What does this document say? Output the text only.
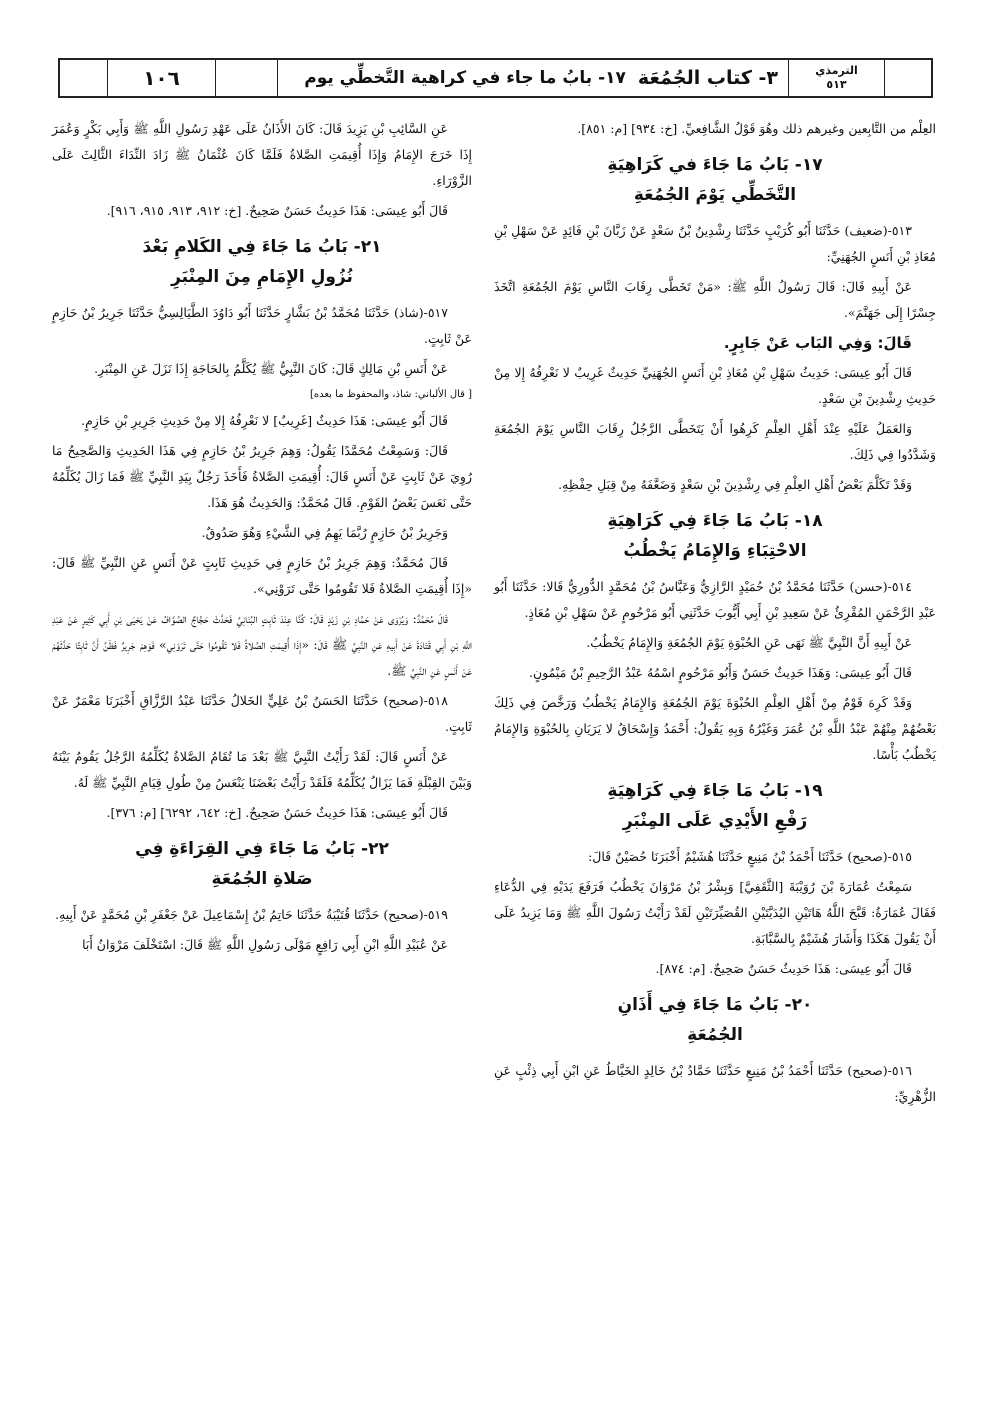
١٠٦	٣- كتاب الجُمُعَة
١٧- بابُ ما جاء في كراهية التَّخطِّي يوم	الترمذي
٥١٣

العِلْم من التَّابِعين وغيرهم ذلك وهُوَ قَوْلُ الشَّافِعيِّ. [خ: ٩٣٤] [م: ٨٥١].

١٧- بَابُ مَا جَاءَ في كَرَاهِيَةِ
التَّخَطِّي يَوْمَ الجُمُعَةِ

٥١٣-(ضعيف) حَدَّثَنَا أَبُو كُرَيْبٍ حَدَّثَنَا رِشْدِينُ بْنُ سَعْدٍ عَنْ زَبَّانَ بْنِ فَائِدٍ عَنْ سَهْلِ بْنِ مُعَاذِ بْنِ أَنَسٍ الجُهَنِيِّ:

عَنْ أَبِيهِ قَالَ: قَالَ رَسُولُ اللَّهِ ﷺ: «مَنْ تَخَطَّى رِقَابَ النَّاسِ يَوْمَ الجُمُعَةِ اتَّخَذَ جِسْرًا إِلَى جَهَنَّمَ».

قَالَ: وَفِي البَاب عَنْ جَابِرٍ.

قَالَ أَبُو عِيسَى: حَدِيثُ سَهْلِ بْنِ مُعَاذِ بْنِ أَنَسٍ الجُهَنِيِّ حَدِيثٌ غَرِيبٌ لا نَعْرِفُهُ إِلا مِنْ حَدِيثِ رِشْدِينَ بْنِ سَعْدٍ.

وَالعَمَلُ عَلَيْهِ عِنْدَ أَهْلِ العِلْمِ كَرِهُوا أَنْ يَتَخَطَّى الرَّجُلُ رِقَابَ النَّاسِ يَوْمَ الجُمُعَةِ وَشَدَّدُوا فِي ذَلِكَ.

وَقَدْ تَكَلَّمَ بَعْضُ أَهْلِ العِلْمِ فِي رِشْدِينَ بْنِ سَعْدٍ وَضَعَّفَهُ مِنْ قِبَلِ حِفْظِهِ.

١٨- بَابُ مَا جَاءَ فِي كَرَاهِيَةِ
الاحْتِبَاءِ وَالإِمَامُ يَخْطُبُ

٥١٤-(حسن) حَدَّثَنَا مُحَمَّدُ بْنُ حُمَيْدٍ الرَّازِيُّ وَعَبَّاسُ بْنُ مُحَمَّدٍ الدُّورِيُّ قَالا: حَدَّثَنَا أَبُو عَبْدِ الرَّحْمَنِ المُقْرِئُ عَنْ سَعِيدِ بْنِ أَبِي أَيُّوبَ حَدَّثَنِي أَبُو مَرْحُومٍ عَنْ سَهْلِ بْنِ مُعَاذٍ.

عَنْ أَبِيهِ أَنَّ النَّبِيَّ ﷺ نَهَى عَنِ الحُبْوَةِ يَوْمَ الجُمُعَةِ وَالإِمَامُ يَخْطُبُ.

قَالَ أَبُو عِيسَى: وَهَذَا حَدِيثٌ حَسَنٌ وَأَبُو مَرْحُومٍ اسْمُهُ عَبْدُ الرَّحِيمِ بْنُ مَيْمُونٍ.

وَقَدْ كَرِهَ قَوْمٌ مِنْ أَهْلِ العِلْمِ الحُبْوَةَ يَوْمَ الجُمُعَةِ وَالإِمَامُ يَخْطُبُ وَرَخَّصَ فِي ذَلِكَ بَعْضُهُمْ مِنْهُمْ عَبْدُ اللَّهِ بْنُ عُمَرَ وَغَيْرُهُ وَبِهِ يَقُولُ: أَحْمَدُ وَإِسْحَاقُ لا يَرَيَانِ بِالحُبْوَةِ وَالإِمَامُ يَخْطُبُ بَأْسًا.

١٩- بَابُ مَا جَاءَ فِي كَرَاهِيَةِ
رَفْعِ الأَيْدِي عَلَى المِنْبَرِ

٥١٥-(صحيح) حَدَّثَنَا أَحْمَدُ بْنُ مَنِيعٍ حَدَّثَنَا هُشَيْمٌ أَخْبَرَنَا حُصَيْنٌ قَالَ:

سَمِعْتُ عُمَارَةَ بْنَ رُوَيْبَةَ [الثَّقَفِيَّ] وَبِشْرُ بْنُ مَرْوَانَ يَخْطُبُ فَرَفَعَ يَدَيْهِ فِي الدُّعَاءِ فَقَالَ عُمَارَةُ: قَبَّحَ اللَّهُ هَاتَيْنِ اليُدَيَّتَيْنِ القُصَيِّرَتَيْنِ لَقَدْ رَأَيْتُ رَسُولَ اللَّهِ ﷺ وَمَا يَزِيدُ عَلَى أَنْ يَقُولَ هَكَذَا وَأَشَارَ هُشَيْمٌ بِالسَّبَّابَةِ.

قَالَ أَبُو عِيسَى: هَذَا حَدِيثٌ حَسَنٌ صَحِيحٌ. [م: ٨٧٤].

٢٠- بَابُ مَا جَاءَ فِي أَذَانِ
الجُمُعَةِ

٥١٦-(صحيح) حَدَّثَنَا أَحْمَدُ بْنُ مَنِيعٍ حَدَّثَنَا حَمَّادُ بْنُ خَالِدٍ الخَيَّاطُ عَنِ ابْنِ أَبِي ذِئْبٍ عَنِ الزُّهْرِيِّ:

عَنِ السَّائِبِ بْنِ يَزِيدَ قَالَ: كَانَ الأَذَانُ عَلَى عَهْدِ رَسُولِ اللَّهِ ﷺ وَأَبِي بَكْرٍ وَعُمَرَ إِذَا خَرَجَ الإِمَامُ وَإِذَا أُقِيمَتِ الصَّلاةُ فَلَمَّا كَانَ عُثْمَانُ ﷺ زَادَ النِّدَاءَ الثَّالِثَ عَلَى الزَّوْرَاءِ.

قَالَ أَبُو عِيسَى: هَذَا حَدِيثٌ حَسَنٌ صَحِيحٌ. [خ: ٩١٢، ٩١٣، ٩١٥، ٩١٦].

٢١- بَابُ مَا جَاءَ فِي الكَلامِ بَعْدَ
نُزُولِ الإِمَامِ مِنَ المِنْبَرِ

٥١٧-(شاذ) حَدَّثَنَا مُحَمَّدُ بْنُ بَشَّارٍ حَدَّثَنَا أَبُو دَاوُدَ الطَّيَالِسِيُّ حَدَّثَنَا جَرِيرُ بْنُ حَازِمٍ عَنْ ثَابِتٍ.

عَنْ أَنَسِ بْنِ مَالِكٍ قَالَ: كَانَ النَّبِيُّ ﷺ يُكَلَّمُ بِالحَاجَةِ إِذَا نَزَلَ عَنِ المِنْبَرِ.

[ قال الألباني: شاذ، والمحفوظ ما بعده]

قَالَ أَبُو عِيسَى: هَذَا حَدِيثٌ [غَرِيبٌ] لا نَعْرِفُهُ إِلا مِنْ حَدِيثِ جَرِيرِ بْنِ حَازِمٍ.

قَالَ: وَسَمِعْتُ مُحَمَّدًا يَقُولُ: وَهِمَ جَرِيرُ بْنُ حَازِمٍ فِي هَذَا الحَدِيثِ وَالصَّحِيحُ مَا رُوِيَ عَنْ ثَابِتٍ عَنْ أَنَسٍ قَالَ: أُقِيمَتِ الصَّلاةُ فَأَخَذَ رَجُلٌ بِيَدِ النَّبِيِّ ﷺ فَمَا زَالَ يُكَلِّمُهُ حَتَّى نَعَسَ بَعْضُ القَوْمِ. قَالَ مُحَمَّدٌ: وَالحَدِيثُ هُوَ هَذَا.

وَجَرِيرُ بْنُ حَازِمٍ رُبَّمَا يَهِمُ فِي الشَّيْءِ وَهُوَ صَدُوقٌ.

قَالَ مُحَمَّدٌ: وَهِمَ جَرِيرُ بْنُ حَازِمٍ فِي حَدِيثِ ثَابِتٍ عَنْ أَنَسٍ عَنِ النَّبِيِّ ﷺ قَالَ: «إِذَا أُقِيمَتِ الصَّلاةُ فَلا تَقُومُوا حَتَّى تَرَوْنِي».

قَالَ مُحَمَّدٌ: وَيُرْوَى عَنْ حَمَّادِ بْنِ زَيْدٍ قَالَ: كُنَّا عِنْدَ ثَابِتٍ البُنَانِيِّ فَحَدَّثَ حَجَّاجٌ الصَّوَّافُ عَنْ يَحْيَى بْنِ أَبِي كَثِيرٍ عَنْ عَبْدِ اللَّهِ بْنِ أَبِي قَتَادَةَ عَنْ أَبِيهِ عَنِ النَّبِيِّ ﷺ قَالَ: «إِذَا أُقِيمَتِ الصَّلاةُ فَلا تَقُومُوا حَتَّى تَرَوْنِي» فَوَهِمَ جَرِيرٌ فَظَنَّ أَنَّ ثَابِتًا حَدَّثَهُمْ عَنْ أَنَسٍ عَنِ النَّبِيِّ ﷺ.

٥١٨-(صحيح) حَدَّثَنَا الحَسَنُ بْنُ عَلِيٍّ الخَلالُ حَدَّثَنَا عَبْدُ الرَّزَّاقِ أَخْبَرَنَا مَعْمَرٌ عَنْ ثَابِتٍ.

عَنْ أَنَسٍ قَالَ: لَقَدْ رَأَيْتُ النَّبِيَّ ﷺ بَعْدَ مَا تُقَامُ الصَّلاةُ يُكَلِّمُهُ الرَّجُلُ يَقُومُ بَيْنَهُ وَبَيْنَ القِبْلَةِ فَمَا يَزَالُ يُكَلِّمُهُ فَلَقَدْ رَأَيْتُ بَعْضَنَا يَنْعَسُ مِنْ طُولِ قِيَامِ النَّبِيِّ ﷺ لَهُ.

قَالَ أَبُو عِيسَى: هَذَا حَدِيثٌ حَسَنٌ صَحِيحٌ. [خ: ٦٤٢، ٦٢٩٢] [م: ٣٧٦].

٢٢- بَابُ مَا جَاءَ فِي القِرَاءَةِ فِي
صَلاةِ الجُمُعَةِ

٥١٩-(صحيح) حَدَّثَنَا قُتَيْبَةُ حَدَّثَنَا حَاتِمُ بْنُ إِسْمَاعِيلَ عَنْ جَعْفَرِ بْنِ مُحَمَّدٍ عَنْ أَبِيهِ.

عَنْ عُبَيْدِ اللَّهِ ابْنِ أَبِي رَافِعٍ مَوْلَى رَسُولِ اللَّهِ ﷺ قَالَ: اسْتَخْلَفَ مَرْوَانُ أَبَا
